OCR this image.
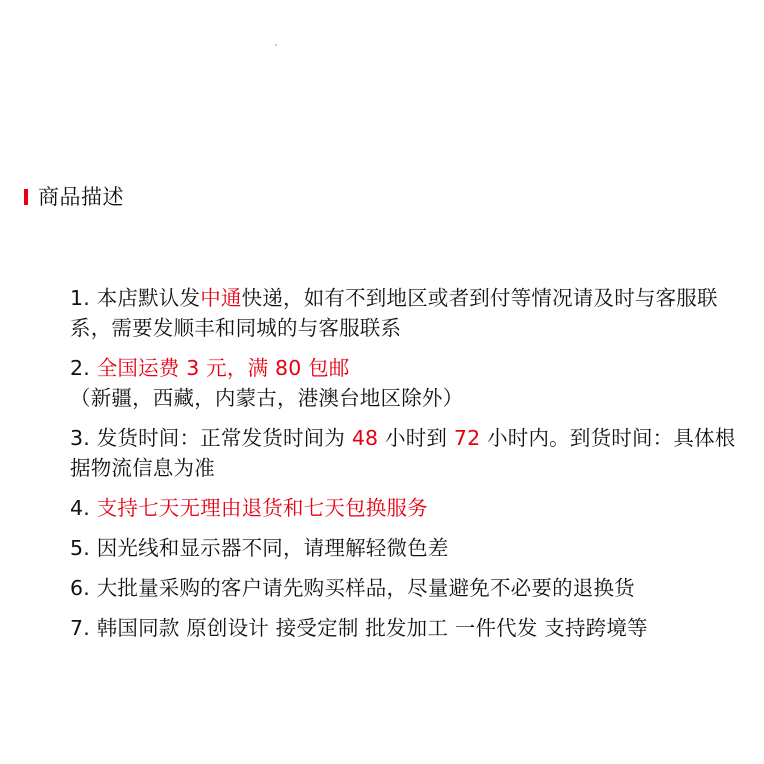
商品描述
1. 本店默认发中通快递，如有不到地区或者到付等情况请及时与客服联系，需要发顺丰和同城的与客服联系
2. 全国运费 3 元，满 80 包邮（新疆，西藏，内蒙古，港澳台地区除外）
3. 发货时间：正常发货时间为 48 小时到 72 小时内。到货时间：具体根据物流信息为准
4. 支持七天无理由退货和七天包换服务
5. 因光线和显示器不同，请理解轻微色差
6. 大批量采购的客户请先购买样品，尽量避免不必要的退换货
7. 韩国同款 原创设计 接受定制 批发加工 一件代发 支持跨境等
